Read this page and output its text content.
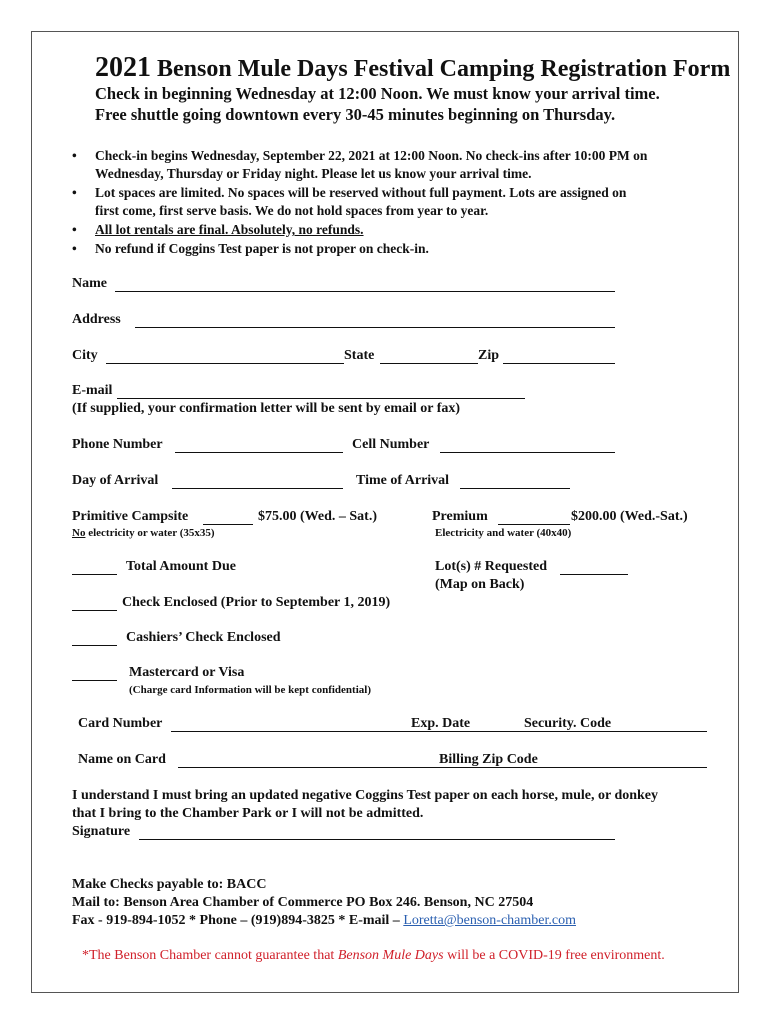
2021 Benson Mule Days Festival Camping Registration Form
Check in beginning Wednesday at 12:00 Noon. We must know your arrival time.
Free shuttle going downtown every 30-45 minutes beginning on Thursday.
• Check-in begins Wednesday, September 22, 2021 at 12:00 Noon. No check-ins after 10:00 PM on
Wednesday, Thursday or Friday night. Please let us know your arrival time.
• Lot spaces are limited. No spaces will be reserved without full payment. Lots are assigned on
first come, first serve basis. We do not hold spaces from year to year.
• All lot rentals are final. Absolutely, no refunds.
• No refund if Coggins Test paper is not proper on check-in.
Name
Address
City	State	Zip
E-mail
(If supplied, your confirmation letter will be sent by email or fax)
Phone Number	Cell Number
Day of Arrival	Time of Arrival
Primitive Campsite	$75.00 (Wed. – Sat.)
No electricity or water (35x35)
Premium	$200.00 (Wed.-Sat.)
Electricity and water (40x40)
Total Amount Due	Lot(s) # Requested
(Map on Back)
Check Enclosed (Prior to September 1, 2019)
Cashiers’ Check Enclosed
Mastercard or Visa
(Charge card Information will be kept confidential)
Card Number	Exp. Date	Security. Code
Name on Card	Billing Zip Code
I understand I must bring an updated negative Coggins Test paper on each horse, mule, or donkey
that I bring to the Chamber Park or I will not be admitted.
Signature
Make Checks payable to: BACC
Mail to: Benson Area Chamber of Commerce PO Box 246. Benson, NC 27504
Fax - 919-894-1052 * Phone – (919)894-3825 * E-mail – Loretta@benson-chamber.com
*The Benson Chamber cannot guarantee that Benson Mule Days will be a COVID-19 free environment.
